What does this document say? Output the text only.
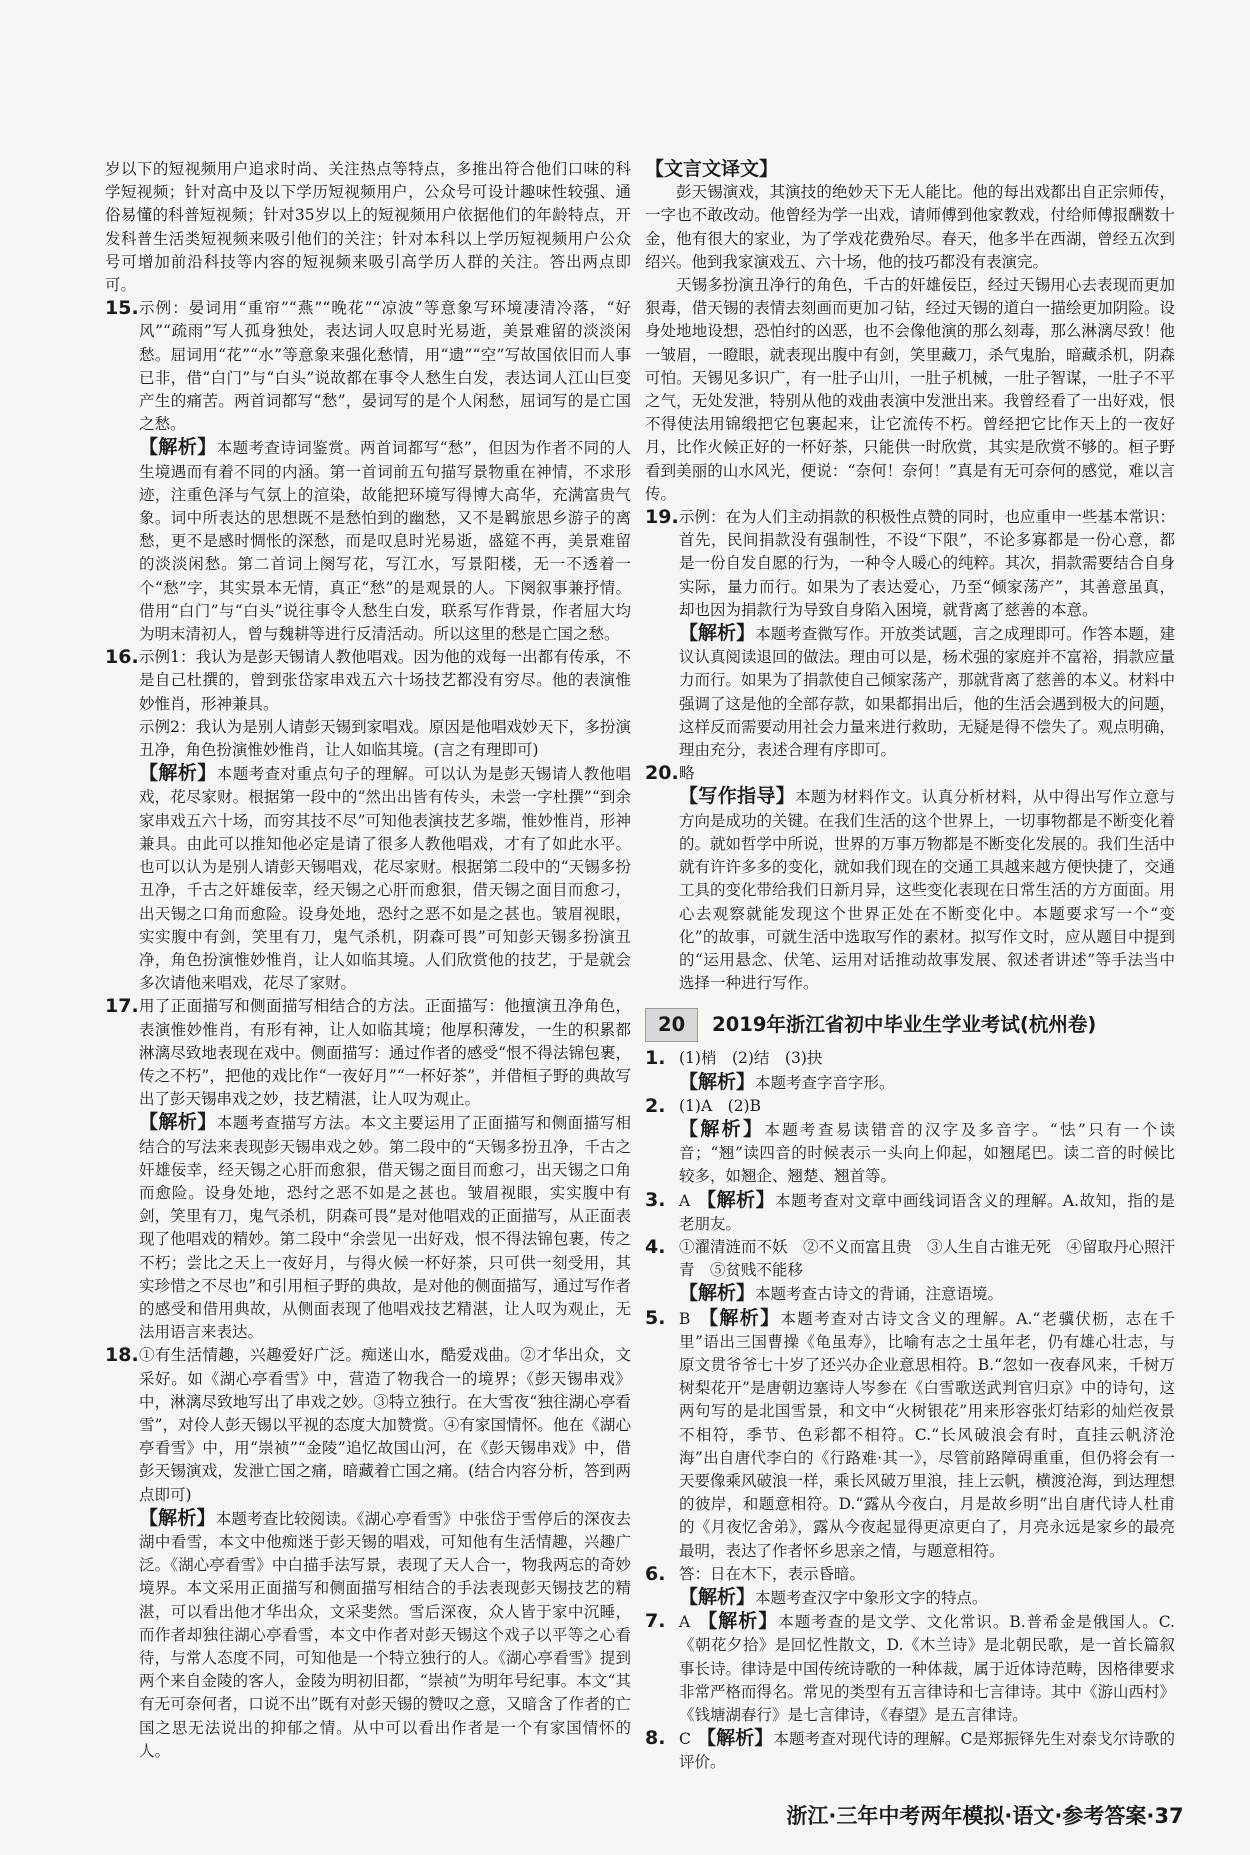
岁以下的短视频用户追求时尚、关注热点等特点，多推出符合他们口味的科学短视频；针对高中及以下学历短视频用户，公众号可设计趣味性较强、通俗易懂的科普短视频；针对35岁以上的短视频用户依据他们的年龄特点，开发科普生活类短视频来吸引他们的关注；针对本科以上学历短视频用户公众号可增加前沿科技等内容的短视频来吸引高学历人群的关注。答出两点即可。

15. 示例：晏词用“重帘”“燕”“晚花”“凉波”等意象写环境凄清冷落，“好风”“疏雨”写人孤身独处，表达词人叹息时光易逝，美景难留的淡淡闲愁。屈词用“花”“水”等意象来强化愁情，用“遗”“空”写故国依旧而人事已非，借“白门”与“白头”说故都在事令人愁生白发，表达词人江山巨变产生的痛苦。两首词都写“愁”，晏词写的是个人闲愁，屈词写的是亡国之愁。
【解析】本题考查诗词鉴赏。两首词都写“愁”，但因为作者不同的人生境遇而有着不同的内涵。第一首词前五句描写景物重在神情，不求形迹，注重色泽与气氛上的渲染，故能把环境写得博大高华，充满富贵气象。词中所表达的思想既不是愁怕到的幽愁，又不是羁旅思乡游子的离愁，更不是感时惆怅的深愁，而是叹息时光易逝，盛筵不再，美景难留的淡淡闲愁。第二首词上阕写花，写江水，写景阳楼，无一不透着一个“愁”字，其实景本无情，真正“愁”的是观景的人。下阕叙事兼抒情。借用“白门”与“白头”说往事令人愁生白发，联系写作背景，作者屈大均为明末清初人，曾与魏耕等进行反清活动。所以这里的愁是亡国之愁。
16. 示例1：我认为是彭天锡请人教他唱戏。因为他的戏每一出都有传承，不是自己杜撰的，曾到张岱家串戏五六十场技艺都没有穷尽。他的表演惟妙惟肖，形神兼具。
示例2：我认为是别人请彭天锡到家唱戏。原因是他唱戏妙天下，多扮演丑净，角色扮演惟妙惟肖，让人如临其境。(言之有理即可)
【解析】本题考查对重点句子的理解。可以认为是彭天锡请人教他唱戏，花尽家财。根据第一段中的“然出出皆有传头，未尝一字杜撰”“到余家串戏五六十场，而穷其技不尽”可知他表演技艺多端，惟妙惟肖，形神兼具。由此可以推知他必定是请了很多人教他唱戏，才有了如此水平。也可以认为是别人请彭天锡唱戏，花尽家财。根据第二段中的“天锡多扮丑净，千古之奸雄佞幸，经天锡之心肝而愈狠，借天锡之面目而愈刁，出天锡之口角而愈险。设身处地，恐纣之恶不如是之甚也。皱眉视眼，实实腹中有剑，笑里有刀，鬼气杀机，阴森可畏”可知彭天锡多扮演丑净，角色扮演惟妙惟肖，让人如临其境。人们欣赏他的技艺，于是就会多次请他来唱戏，花尽了家财。
17. 用了正面描写和侧面描写相结合的方法。正面描写：他擅演丑净角色，表演惟妙惟肖，有形有神，让人如临其境；他厚积薄发，一生的积累都淋漓尽致地表现在戏中。侧面描写：通过作者的感受“恨不得法锦包裹，传之不朽”，把他的戏比作“一夜好月”“一杯好茶”，并借桓子野的典故写出了彭天锡串戏之妙，技艺精湛，让人叹为观止。
【解析】本题考查描写方法。本文主要运用了正面描写和侧面描写相结合的写法来表现彭天锡串戏之妙。第二段中的“天锡多扮丑净，千古之奸雄佞幸，经天锡之心肝而愈狠，借天锡之面目而愈刁，出天锡之口角而愈险。设身处地，恐纣之恶不如是之甚也。皱眉视眼，实实腹中有剑，笑里有刀，鬼气杀机，阴森可畏”是对他唱戏的正面描写，从正面表现了他唱戏的精妙。第二段中“余尝见一出好戏，恨不得法锦包裹，传之不朽；尝比之天上一夜好月，与得火候一杯好茶，只可供一刻受用，其实珍惜之不尽也”和引用桓子野的典故，是对他的侧面描写，通过写作者的感受和借用典故，从侧面表现了他唱戏技艺精湛，让人叹为观止，无法用语言来表达。
18. ①有生活情趣，兴趣爱好广泛。痴迷山水，酷爱戏曲。②才华出众，文采好。如《湖心亭看雪》中，营造了物我合一的境界；《彭天锡串戏》中，淋漓尽致地写出了串戏之妙。③特立独行。在大雪夜“独往湖心亭看雪”，对伶人彭天锡以平视的态度大加赞赏。④有家国情怀。他在《湖心亭看雪》中，用“崇祯”“金陵”追忆故国山河，在《彭天锡串戏》中，借彭天锡演戏，发泄亡国之痛，暗藏着亡国之痛。(结合内容分析，答到两点即可)
【解析】本题考查比较阅读。《湖心亭看雪》中张岱于雪停后的深夜去湖中看雪，本文中他痴迷于彭天锡的唱戏，可知他有生活情趣，兴趣广泛。《湖心亭看雪》中白描手法写景，表现了天人合一，物我两忘的奇妙境界。本文采用正面描写和侧面描写相结合的手法表现彭天锡技艺的精湛，可以看出他才华出众，文采斐然。雪后深夜，众人皆于家中沉睡，而作者却独往湖心亭看雪，本文中作者对彭天锡这个戏子以平等之心看待，与常人态度不同，可知他是一个特立独行的人。《湖心亭看雪》提到两个来自金陵的客人，金陵为明初旧都，“崇祯”为明年号纪事。本文“其有无可奈何者，口说不出”既有对彭天锡的赞叹之意，又暗含了作者的亡国之思无法说出的抑郁之情。从中可以看出作者是一个有家国情怀的人。
【文言文译文】

彭天锡演戏，其演技的绝妙天下无人能比。他的每出戏都出自正宗师传，一字也不敢改动。他曾经为学一出戏，请师傅到他家教戏，付给师傅报酬数十金，他有很大的家业，为了学戏花费殆尽。春天，他多半在西湖，曾经五次到绍兴。他到我家演戏五、六十场，他的技巧都没有表演完。

天锡多扮演丑净行的角色，千古的奸雄佞臣，经过天锡用心去表现而更加狠毒，借天锡的表情去刻画而更加刁钻，经过天锡的道白一描绘更加阴险。设身处地地设想，恐怕纣的凶恶，也不会像他演的那么刻毒，那么淋漓尽致！他一皱眉，一瞪眼，就表现出腹中有剑，笑里藏刀，杀气鬼胎，暗藏杀机，阴森可怕。天锡见多识广，有一肚子山川，一肚子机械，一肚子智谋，一肚子不平之气，无处发泄，特别从他的戏曲表演中发泄出来。我曾经看了一出好戏，恨不得使法用锦缎把它包裹起来，让它流传不朽。曾经把它比作天上的一夜好月，比作火候正好的一杯好茶，只能供一时欣赏，其实是欣赏不够的。桓子野看到美丽的山水风光，便说：“奈何！奈何！”真是有无可奈何的感觉，难以言传。

19. 示例：在为人们主动捐款的积极性点赞的同时，也应重申一些基本常识：首先，民间捐款没有强制性，不设“下限”，不论多寡都是一份心意，都是一份自发自愿的行为，一种令人暖心的纯粹。其次，捐款需要结合自身实际，量力而行。如果为了表达爱心，乃至“倾家荡产”，其善意虽真，却也因为捐款行为导致自身陷入困境，就背离了慈善的本意。
【解析】本题考查微写作。开放类试题，言之成理即可。作答本题，建议认真阅读退回的做法。理由可以是，杨术强的家庭并不富裕，捐款应量力而行。如果为了捐款使自己倾家荡产，那就背离了慈善的本义。材料中强调了这是他的全部存款，如果都捐出后，他的生活会遇到极大的问题，这样反而需要动用社会力量来进行救助，无疑是得不偿失了。观点明确，理由充分，表述合理有序即可。
20. 略
【写作指导】本题为材料作文。认真分析材料，从中得出写作立意与方向是成功的关键。在我们生活的这个世界上，一切事物都是不断变化着的。就如哲学中所说，世界的万事万物都是不断变化发展的。我们生活中就有许许多多的变化，就如我们现在的交通工具越来越方便快捷了，交通工具的变化带给我们日新月异，这些变化表现在日常生活的方方面面。用心去观察就能发现这个世界正处在不断变化中。本题要求写一个“变化”的故事，可就生活中选取写作的素材。拟写作文时，应从题目中提到的“运用悬念、伏笔、运用对话推动故事发展、叙述者讲述”等手法当中选择一种进行写作。
20 2019年浙江省初中毕业生学业考试(杭州卷)
1. (1)梢　(2)结　(3)抉
【解析】本题考查字音字形。
2. (1)A　(2)B
【解析】本题考查易读错音的汉字及多音字。“怯”只有一个读音；“翘”读四音的时候表示一头向上仰起，如翘尾巴。读二音的时候比较多，如翘企、翘楚、翘首等。
3. A　【解析】本题考查对文章中画线词语含义的理解。A.故知，指的是老朋友。
4. ①濯清涟而不妖　②不义而富且贵　③人生自古谁无死　④留取丹心照汗青　⑤贫贱不能移
【解析】本题考查古诗文的背诵，注意语境。
5. B　【解析】本题考查对古诗文含义的理解。A.“老骥伏枥，志在千里”语出三国曹操《龟虽寿》，比喻有志之士虽年老，仍有雄心壮志，与原文贯爷爷七十岁了还兴办企业意思相符。B.“忽如一夜春风来，千树万树梨花开”是唐朝边塞诗人岑参在《白雪歌送武判官归京》中的诗句，这两句写的是北国雪景，和文中“火树银花”用来形容张灯结彩的灿烂夜景不相符，季节、色彩都不相符。C.“长风破浪会有时，直挂云帆济沧海”出自唐代李白的《行路难·其一》，尽管前路障碍重重，但仍将会有一天要像乘风破浪一样，乘长风破万里浪，挂上云帆，横渡沧海，到达理想的彼岸，和题意相符。D.“露从今夜白，月是故乡明”出自唐代诗人杜甫的《月夜忆舍弟》，露从今夜起显得更凉更白了，月亮永远是家乡的最亮最明，表达了作者怀乡思亲之情，与题意相符。
6. 答：日在木下，表示昏暗。
【解析】本题考查汉字中象形文字的特点。
7. A　【解析】本题考查的是文学、文化常识。B.普希金是俄国人。C.《朝花夕拾》是回忆性散文，D.《木兰诗》是北朝民歌，是一首长篇叙事长诗。律诗是中国传统诗歌的一种体裁，属于近体诗范畴，因格律要求非常严格而得名。常见的类型有五言律诗和七言律诗。其中《游山西村》《钱塘湖春行》是七言律诗，《春望》是五言律诗。
8. C　【解析】本题考查对现代诗的理解。C是郑振铎先生对泰戈尔诗歌的评价。
浙江·三年中考两年模拟·语文·参考答案·37
